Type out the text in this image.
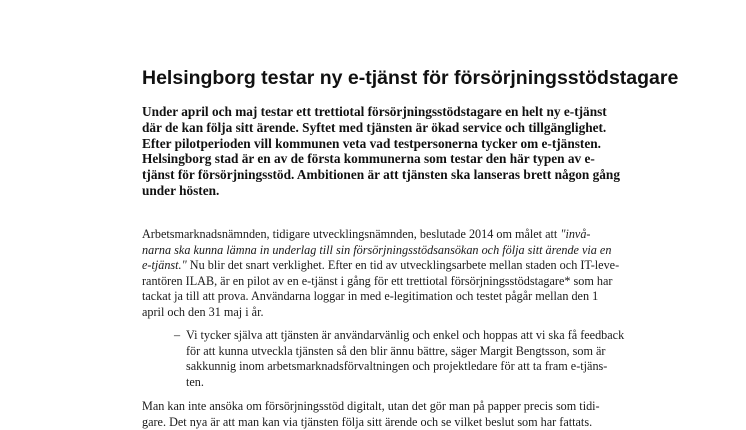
Helsingborg testar ny e-tjänst för försörjningsstödstagare
Under april och maj testar ett trettiotal försörjningsstödstagare en helt ny e-tjänst
där de kan följa sitt ärende. Syftet med tjänsten är ökad service och tillgänglighet.
Efter pilotperioden vill kommunen veta vad testpersonerna tycker om e-tjänsten.
Helsingborg stad är en av de första kommunerna som testar den här typen av e-
tjänst för försörjningsstöd. Ambitionen är att tjänsten ska lanseras brett någon gång
under hösten.
Arbetsmarknadsnämnden, tidigare utvecklingsnämnden, beslutade 2014 om målet att "invå-
narna ska kunna lämna in underlag till sin försörjningsstödsansökan och följa sitt ärende via en
e-tjänst." Nu blir det snart verklighet. Efter en tid av utvecklingsarbete mellan staden och IT-leve-
rantören ILAB, är en pilot av en e-tjänst i gång för ett trettiotal försörjningsstödstagare* som har
tackat ja till att prova. Användarna loggar in med e-legitimation och testet pågår mellan den 1
april och den 31 maj i år.
– Vi tycker själva att tjänsten är användarvänlig och enkel och hoppas att vi ska få feedback
för att kunna utveckla tjänsten så den blir ännu bättre, säger Margit Bengtsson, som är
sakkunnig inom arbetsmarknadsförvaltningen och projektledare för att ta fram e-tjäns-
ten.
Man kan inte ansöka om försörjningsstöd digitalt, utan det gör man på papper precis som tidi-
gare. Det nya är att man kan via tjänsten följa sitt ärende och se vilket beslut som har fattats.
